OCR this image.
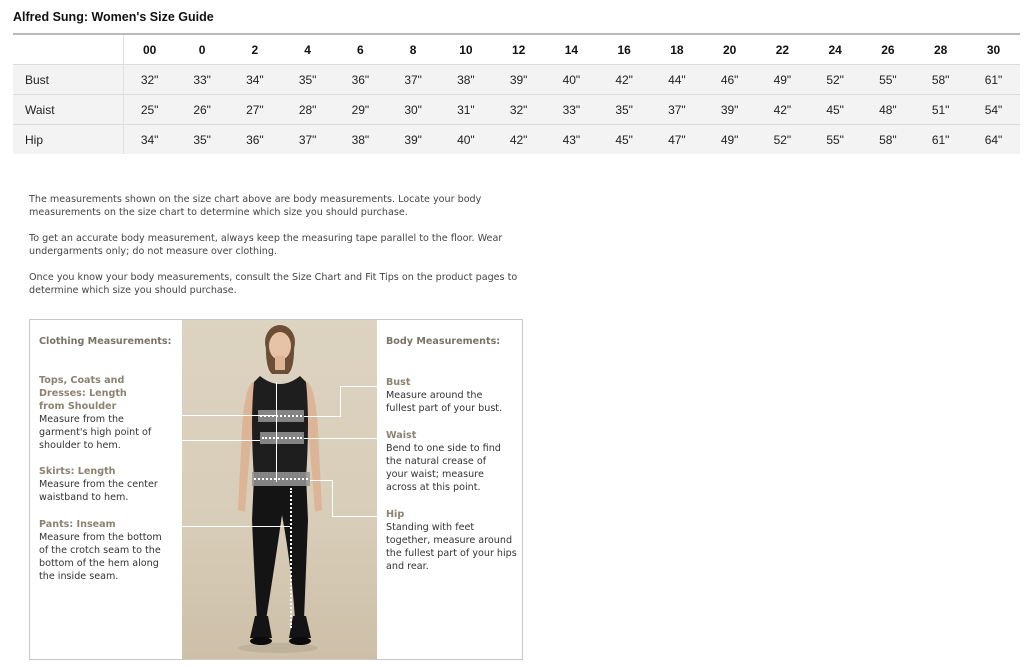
Alfred Sung: Women's Size Guide
	00	0	2	4	6	8	10	12	14	16	18	20	22	24	26	28	30
Bust	32"	33"	34"	35"	36"	37"	38"	39"	40"	42"	44"	46"	49"	52"	55"	58"	61"
Waist	25"	26"	27"	28"	29"	30"	31"	32"	33"	35"	37"	39"	42"	45"	48"	51"	54"
Hip	34"	35"	36"	37"	38"	39"	40"	42"	43"	45"	47"	49"	52"	55"	58"	61"	64"

The measurements shown on the size chart above are body measurements. Locate your body measurements on the size chart to determine which size you should purchase.

To get an accurate body measurement, always keep the measuring tape parallel to the floor. Wear undergarments only; do not measure over clothing.

Once you know your body measurements, consult the Size Chart and Fit Tips on the product pages to determine which size you should purchase.

Clothing Measurements:

Tops, Coats and Dresses: Length from Shoulder

Measure from the garment's high point of shoulder to hem.

Skirts: Length

Measure from the center waistband to hem.

Pants: Inseam

Measure from the bottom of the crotch seam to the bottom of the hem along the inside seam.

Body Measurements:

Bust

Measure around the fullest part of your bust.

Waist

Bend to one side to find the natural crease of your waist; measure across at this point.

Hip

Standing with feet together, measure around the fullest part of your hips and rear.
